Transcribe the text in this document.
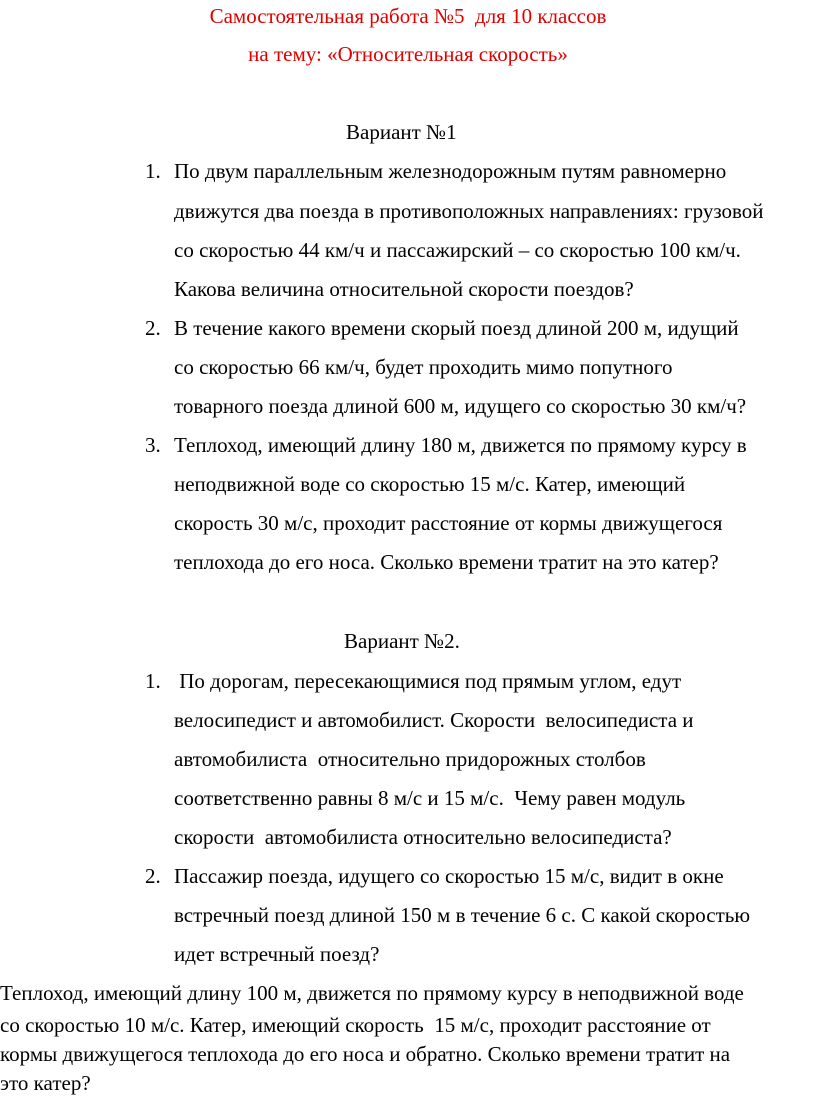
Самостоятельная работа №5  для 10 классов
на тему: «Относительная скорость»
Вариант №1
1. По двум параллельным железнодорожным путям равномерно
движутся два поезда в противоположных направлениях: грузовой
со скоростью 44 км/ч и пассажирский – со скоростью 100 км/ч.
Какова величина относительной скорости поездов?
2. В течение какого времени скорый поезд длиной 200 м, идущий
со скоростью 66 км/ч, будет проходить мимо попутного
товарного поезда длиной 600 м, идущего со скоростью 30 км/ч?
3. Теплоход, имеющий длину 180 м, движется по прямому курсу в
неподвижной воде со скоростью 15 м/с. Катер, имеющий
скорость 30 м/с, проходит расстояние от кормы движущегося
теплохода до его носа. Сколько времени тратит на это катер?
Вариант №2.
1. По дорогам, пересекающимися под прямым углом, едут
велосипедист и автомобилист. Скорости  велосипедиста и
автомобилиста  относительно придорожных столбов
соответственно равны 8 м/с и 15 м/с.  Чему равен модуль
скорости  автомобилиста относительно велосипедиста?
2. Пассажир поезда, идущего со скоростью 15 м/с, видит в окне
встречный поезд длиной 150 м в течение 6 с. С какой скоростью
идет встречный поезд?
Теплоход, имеющий длину 100 м, движется по прямому курсу в неподвижной воде
со скоростью 10 м/с. Катер, имеющий скорость  15 м/с, проходит расстояние от
кормы движущегося теплохода до его носа и обратно. Сколько времени тратит на
это катер?
